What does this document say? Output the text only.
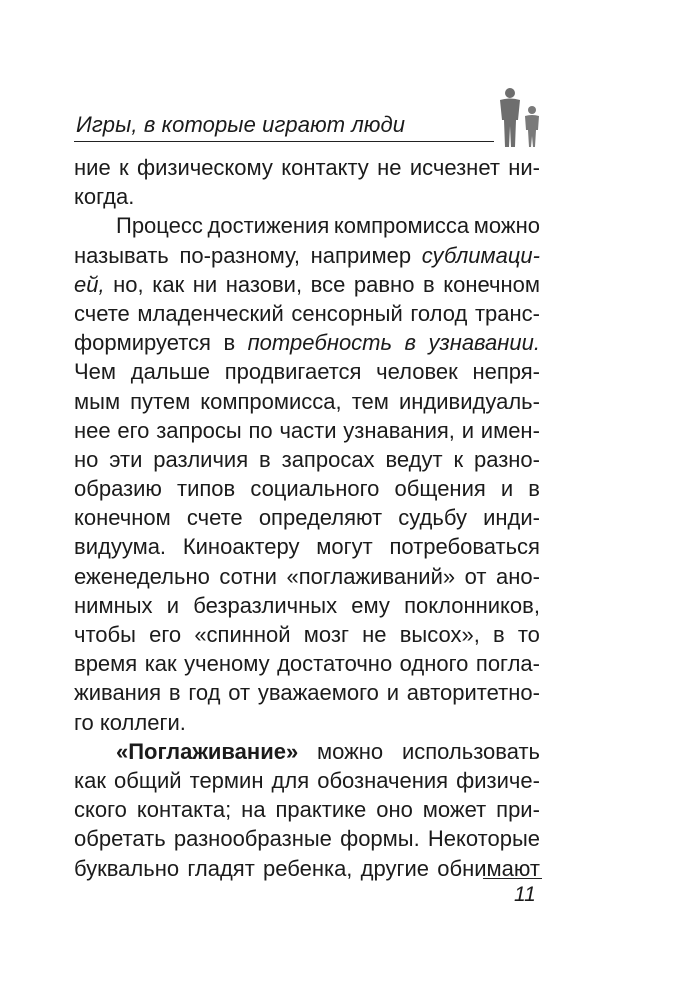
Игры, в которые играют люди
ние к физическому контакту не исчезнет ни-
когда.
Процесс достижения компромисса можно
называть по-разному, например сублимаци-
ей, но, как ни назови, все равно в конечном
счете младенческий сенсорный голод транс-
формируется в потребность в узнавании.
Чем дальше продвигается человек непря-
мым путем компромисса, тем индивидуаль-
нее его запросы по части узнавания, и имен-
но эти различия в запросах ведут к разно-
образию типов социального общения и в
конечном счете определяют судьбу инди-
видуума. Киноактеру могут потребоваться
еженедельно сотни «поглаживаний» от ано-
нимных и безразличных ему поклонников,
чтобы его «спинной мозг не высох», в то
время как ученому достаточно одного погла-
живания в год от уважаемого и авторитетно-
го
коллеги.
«Поглаживание» можно использовать
как общий термин для обозначения физиче-
ского контакта; на практике оно может при-
обретать разнообразные формы. Некоторые
буквально гладят ребенка, другие обнимают
11
